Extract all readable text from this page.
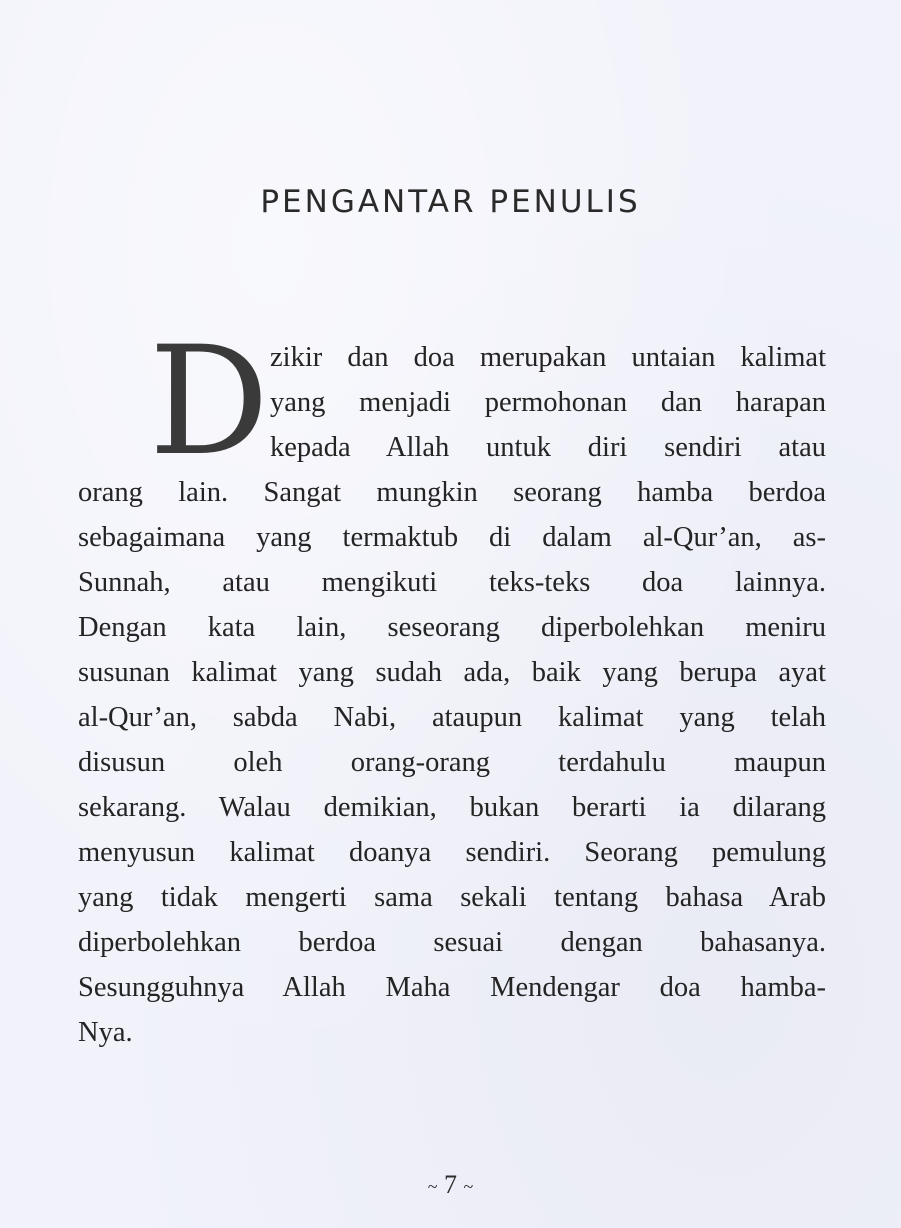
PENGANTAR PENULIS
D zikir dan doa merupakan untaian kalimat
yang menjadi permohonan dan harapan
kepada Allah untuk diri sendiri atau
orang lain. Sangat mungkin seorang hamba berdoa
sebagaimana yang termaktub di dalam al-Qur’an, as-
Sunnah, atau mengikuti teks-teks doa lainnya.
Dengan kata lain, seseorang diperbolehkan meniru
susunan kalimat yang sudah ada, baik yang berupa ayat
al-Qur’an, sabda Nabi, ataupun kalimat yang telah
disusun oleh orang-orang terdahulu maupun
sekarang. Walau demikian, bukan berarti ia dilarang
menyusun kalimat doanya sendiri. Seorang pemulung
yang tidak mengerti sama sekali tentang bahasa Arab
diperbolehkan berdoa sesuai dengan bahasanya.
Sesungguhnya Allah Maha Mendengar doa hamba-
Nya.
~ 7 ~
